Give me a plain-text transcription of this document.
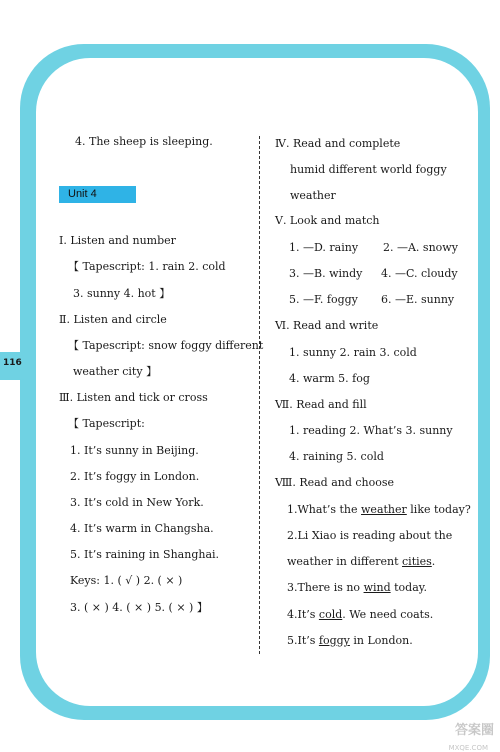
116
4. The sheep is sleeping.
Unit 4
Ⅰ. Listen and number
【 Tapescript: 1. rain 2. cold
3. sunny 4. hot 】
Ⅱ. Listen and circle
【 Tapescript: snow foggy different
weather city 】
Ⅲ. Listen and tick or cross
【 Tapescript:
1. It’s sunny in Beijing.
2. It’s foggy in London.
3. It’s cold in New York.
4. It’s warm in Changsha.
5. It’s raining in Shanghai.
Keys: 1. ( √ ) 2. ( × )
3. ( × ) 4. ( × ) 5. ( × ) 】
Ⅳ. Read and complete
humid different world foggy
weather
Ⅴ. Look and match
1. —D. rainy 2. —A. snowy
3. —B. windy 4. —C. cloudy
5. —F. foggy 6. —E. sunny
Ⅵ. Read and write
1. sunny 2. rain 3. cold
4. warm 5. fog
Ⅶ. Read and fill
1. reading 2. What’s 3. sunny
4. raining 5. cold
Ⅷ. Read and choose
1.What’s the weather like today?
2.Li Xiao is reading about the
weather in different cities.
3.There is no wind today.
4.It’s cold. We need coats.
5.It’s foggy in London.
答案圈
MXQE.COM
